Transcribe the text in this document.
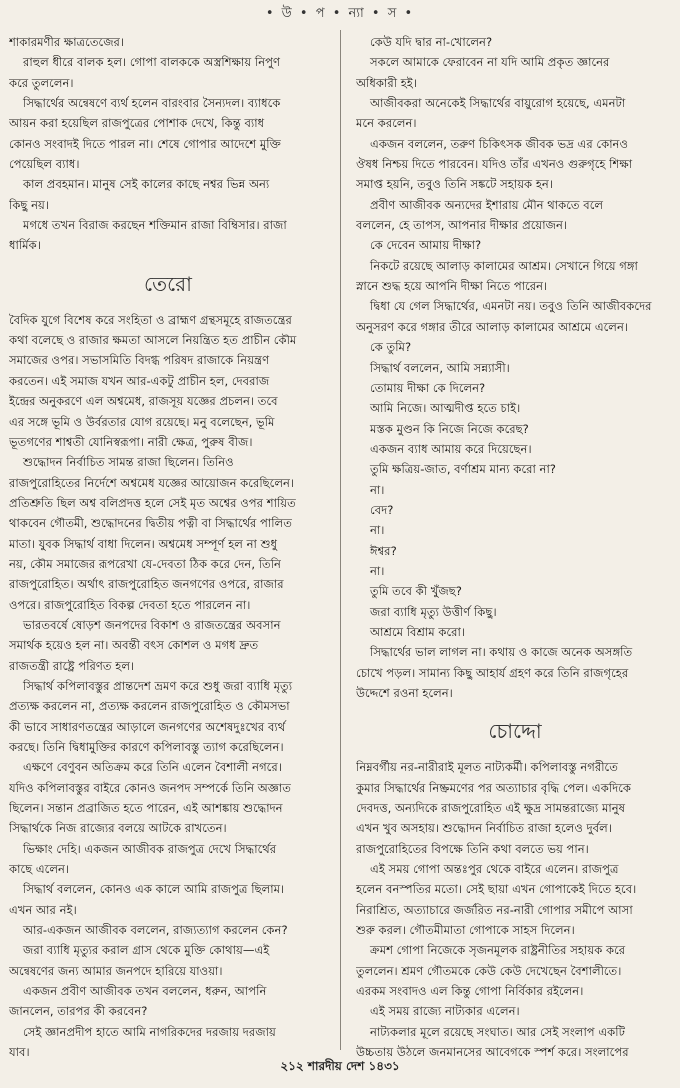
• উ • প • ন্যা • স •

শাকারমণীর ক্ষাত্রতেজের।

রাহুল ধীরে বালক হল। গোপা বালককে অস্ত্রশিক্ষায় নিপুণ

করে তুললেন।

সিদ্ধার্থের অন্বেষণে ব্যর্থ হলেন বারংবার সৈন্যদল। ব্যাধকে

আয়ন করা হয়েছিল রাজপুত্রের পোশাক দেখে, কিন্তু ব্যাধ

কোনও সংবাদই দিতে পারল না। শেষে গোপার আদেশে মুক্তি

পেয়েছিল ব্যাধ।

কাল প্রবহমান। মানুষ সেই কালের কাছে নশ্বর ভিন্ন অন্য

কিছু নয়।

মগধে তখন বিরাজ করছেন শক্তিমান রাজা বিম্বিসার। রাজা

ধার্মিক।

তেরো

বৈদিক যুগে বিশেষ করে সংহিতা ও ব্রাহ্মণ গ্রন্থসমূহে রাজতন্ত্রের

কথা বলেছে ও রাজার ক্ষমতা আসলে নিয়ন্ত্রিত হত প্রাচীন কৌম

সমাজের ওপর। সভাসমিতি বিদগ্ধ পরিষদ রাজাকে নিয়ন্ত্রণ

করতেন। এই সমাজ যখন আর-একটু প্রাচীন হল, দেবরাজ

ইন্দ্রের অনুকরণে এল অশ্বমেধ, রাজসূয় যজ্ঞের প্রচলন। তবে

এর সঙ্গে ভূমি ও উর্বরতার যোগ রয়েছে। মনু বলেছেন, ভূমি

ভূতগণের শাশ্বতী যোনিস্বরূপা। নারী ক্ষেত্র, পুরুষ বীজ।

শুদ্ধোদন নির্বাচিত সামন্ত রাজা ছিলেন। তিনিও

রাজপুরোহিতের নির্দেশে অশ্বমেধ যজ্ঞের আয়োজন করেছিলেন।

প্রতিশ্রুতি ছিল অশ্ব বলিপ্রদত্ত হলে সেই মৃত অশ্বের ওপর শায়িত

থাকবেন গৌতমী, শুদ্ধোদনের দ্বিতীয় পত্নী বা সিদ্ধার্থের পালিত

মাতা। যুবক সিদ্ধার্থ বাধা দিলেন। অশ্বমেধ সম্পূর্ণ হল না শুধু

নয়, কৌম সমাজের রূপরেখা যে-দেবতা ঠিক করে দেন, তিনি

রাজপুরোহিত। অর্থাৎ রাজপুরোহিত জনগণের ওপরে, রাজার

ওপরে। রাজপুরোহিত বিকল্প দেবতা হতে পারলেন না।

ভারতবর্ষে ষোড়শ জনপদের বিকাশ ও রাজতন্ত্রের অবসান

সমার্থক হয়েও হল না। অবন্তী বৎস কোশল ও মগধ দ্রুত

রাজতন্ত্রী রাষ্ট্রে পরিণত হল।

সিদ্ধার্থ কপিলাবস্তুর প্রান্তদেশ ভ্রমণ করে শুধু জরা ব্যাধি মৃত্যু

প্রত্যক্ষ করলেন না, প্রত্যক্ষ করলেন রাজপুরোহিত ও কৌমসভা

কী ভাবে সাধারণতন্ত্রের আড়ালে জনগণের অশেষদুঃখের ব্যর্থ

করছে। তিনি দ্বিধামুক্তির কারণে কপিলাবস্তু ত্যাগ করেছিলেন।

এক্ষণে বেণুবন অতিক্রম করে তিনি এলেন বৈশালী নগরে।

যদিও কপিলাবস্তুর বাইরে কোনও জনপদ সম্পর্কে তিনি অজ্ঞাত

ছিলেন। সন্তান প্রব্রাজিত হতে পারেন, এই আশঙ্কায় শুদ্ধোদন

সিদ্ধার্থকে নিজ রাজ্যের বলয়ে আটকে রাখতেন।

ভিক্ষাং দেহি। একজন আজীবক রাজপুত্র দেখে সিদ্ধার্থের

কাছে এলেন।

সিদ্ধার্থ বললেন, কোনও এক কালে আমি রাজপুত্র ছিলাম।

এখন আর নই।

আর-একজন আজীবক বললেন, রাজ্যত্যাগ করলেন কেন?

জরা ব্যাধি মৃত্যুর করাল গ্রাস থেকে মুক্তি কোথায়—এই

অন্বেষণের জন্য আমার জনপদে হারিয়ে যাওয়া।

একজন প্রবীণ আজীবক তখন বললেন, ধরুন, আপনি

জানলেন, তারপর কী করবেন?

সেই জ্ঞানপ্রদীপ হাতে আমি নাগরিকদের দরজায় দরজায়

যাব।

কেউ যদি দ্বার না-খোলেন?

সকলে আমাকে ফেরাবেন না যদি আমি প্রকৃত জ্ঞানের

অধিকারী হই।

আজীবকরা অনেকেই সিদ্ধার্থের বায়ুরোগ হয়েছে, এমনটা

মনে করলেন।

একজন বললেন, তরুণ চিকিৎসক জীবক ভদ্র এর কোনও

ঔষধ নিশ্চয় দিতে পারবেন। যদিও তাঁর এখনও গুরুগৃহে শিক্ষা

সমাপ্ত হয়নি, তবুও তিনি সঙ্কটে সহায়ক হন।

প্রবীণ আজীবক অন্যদের ইশারায় মৌন থাকতে বলে

বললেন, হে তাপস, আপনার দীক্ষার প্রয়োজন।

কে দেবেন আমায় দীক্ষা?

নিকটে রয়েছে আলাড় কালামের আশ্রম। সেখানে গিয়ে গঙ্গা

স্নানে শুদ্ধ হয়ে আপনি দীক্ষা নিতে পারেন।

দ্বিধা যে গেল সিদ্ধার্থের, এমনটা নয়। তবুও তিনি আজীবকদের

অনুসরণ করে গঙ্গার তীরে আলাড় কালামের আশ্রমে এলেন।

কে তুমি?

সিদ্ধার্থ বললেন, আমি সন্ন্যাসী।

তোমায় দীক্ষা কে দিলেন?

আমি নিজে। আত্মদীপ্ত হতে চাই।

মস্তক মুণ্ডন কি নিজে নিজে করেছ?

একজন ব্যাধ আমায় করে দিয়েছেন।

তুমি ক্ষত্রিয়-জাত, বর্ণাশ্রম মান্য করো না?

না।

বেদ?

না।

ঈশ্বর?

না।

তুমি তবে কী খুঁজছ?

জরা ব্যাধি মৃত্যু উত্তীর্ণ কিছু।

আশ্রমে বিশ্রাম করো।

সিদ্ধার্থের ভাল লাগল না। কথায় ও কাজে অনেক অসঙ্গতি

চোখে পড়ল। সামান্য কিছু আহার্য গ্রহণ করে তিনি রাজগৃহের

উদ্দেশে রওনা হলেন।

চোদ্দো

নিম্নবর্গীয় নর-নারীরাই মূলত নাট্যকর্মী। কপিলাবস্তু নগরীতে

কুমার সিদ্ধার্থের নিষ্ক্রমণের পর অত্যাচার বৃদ্ধি পেল। একদিকে

দেবদত্ত, অন্যদিকে রাজপুরোহিত এই ক্ষুদ্র সামন্তরাজ্যে মানুষ

এখন খুব অসহায়। শুদ্ধোদন নির্বাচিত রাজা হলেও দুর্বল।

রাজপুরোহিতের বিপক্ষে তিনি কথা বলতে ভয় পান।

এই সময় গোপা অন্তঃপুর থেকে বাইরে এলেন। রাজপুত্র

হলেন বনস্পতির মতো। সেই ছায়া এখন গোপাকেই দিতে হবে।

নিরাশ্রিত, অত্যাচারে জর্জরিত নর-নারী গোপার সমীপে আসা

শুরু করল। গৌতমীমাতা গোপাকে সাহস দিলেন।

ক্রমশ গোপা নিজেকে সৃজনমূলক রাষ্ট্রনীতির সহায়ক করে

তুললেন। শ্রমণ গৌতমকে কেউ কেউ দেখেছেন বৈশালীতে।

এরকম সংবাদও এল কিন্তু গোপা নির্বিকার রইলেন।

এই সময় রাজ্যে নাট্যকার এলেন।

নাট্যকলার মূলে রয়েছে সংঘাত। আর সেই সংলাপ একটি

উচ্চতায় উঠলে জনমানসের আবেগকে স্পর্শ করে। সংলাপের

২১২ শারদীয় দেশ ১৪৩১
